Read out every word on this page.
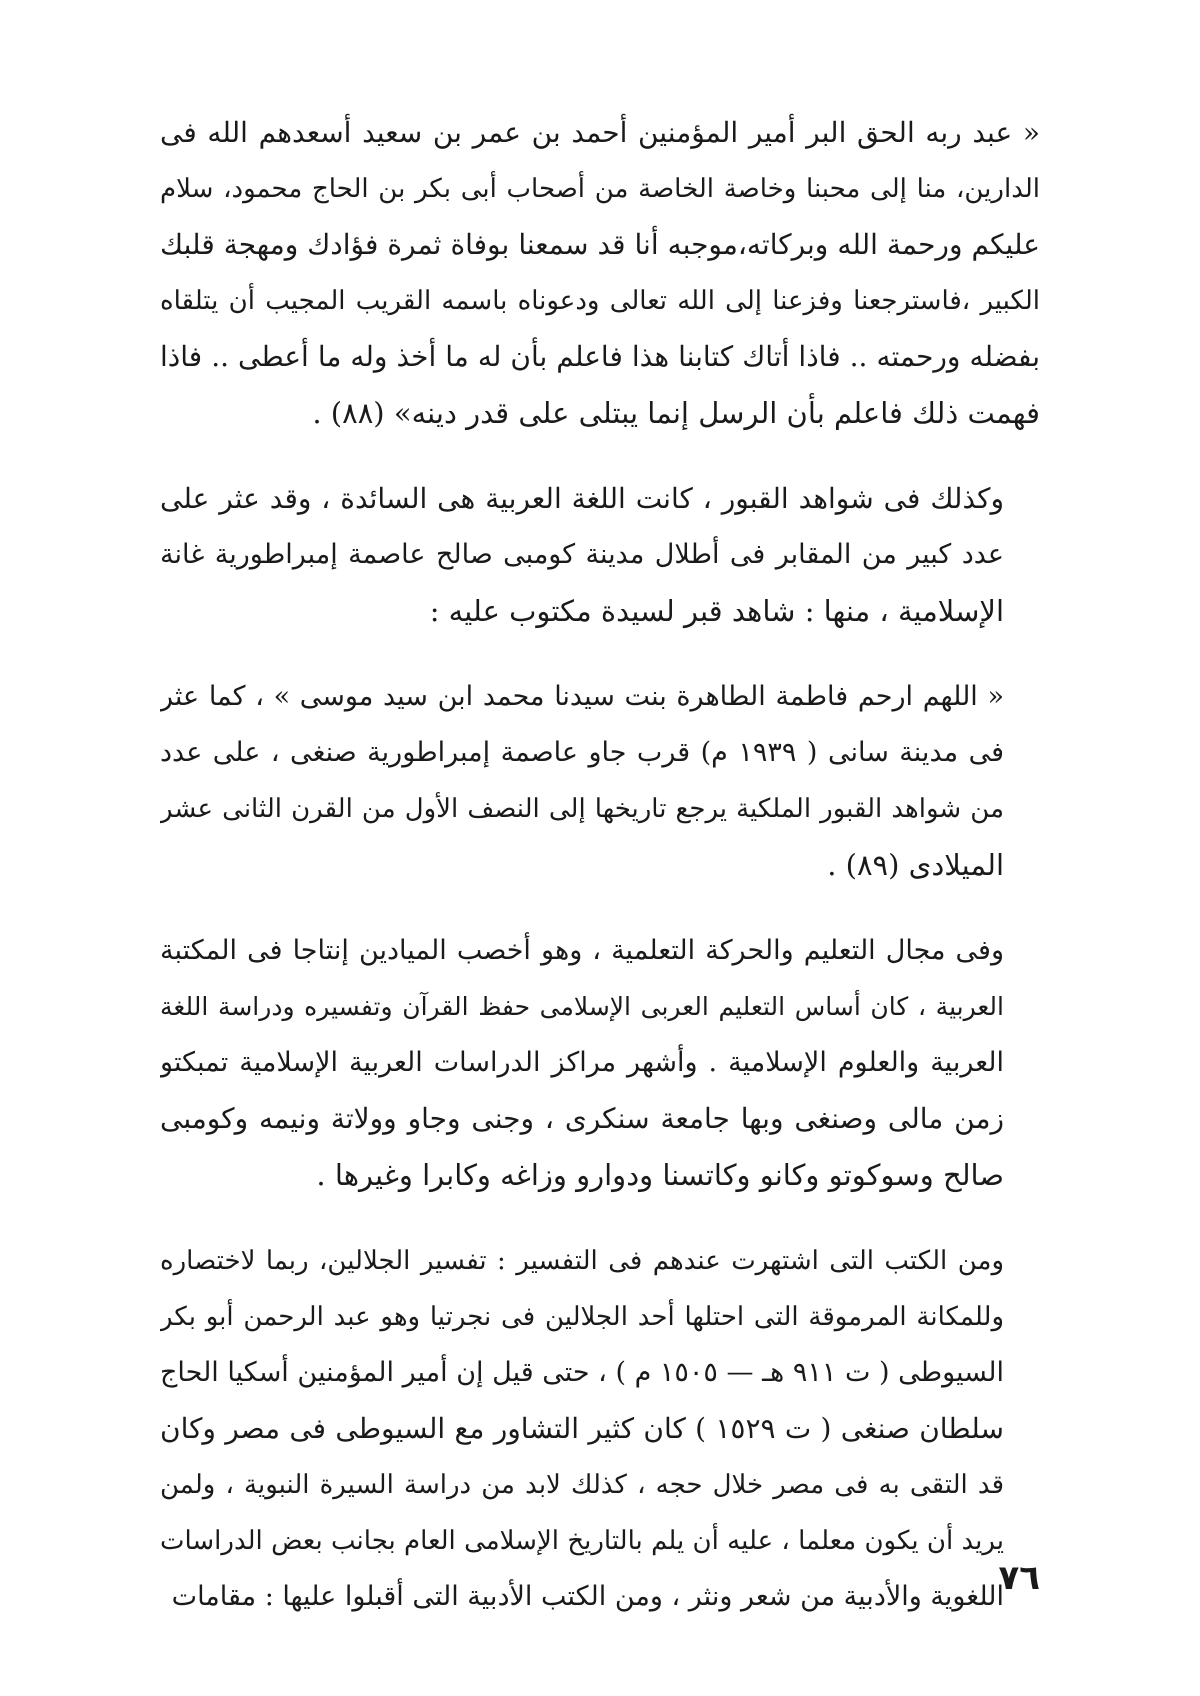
« عبد ربه الحق البر أمير المؤمنين أحمد بن عمر بن سعيد أسعدهم الله فى
الدارين، منا إلى محبنا وخاصة الخاصة من أصحاب أبى بكر بن الحاج محمود، سلام
عليكم ورحمة الله وبركاته،موجبه أنا قد سمعنا بوفاة ثمرة فؤادك ومهجة قلبك
الكبير ،فاسترجعنا وفزعنا إلى الله تعالى ودعوناه باسمه القريب المجيب أن يتلقاه
بفضله ورحمته .. فاذا أتاك كتابنا هذا فاعلم بأن له ما أخذ وله ما أعطى .. فاذا
فهمت ذلك فاعلم بأن الرسل إنما يبتلى على قدر دينه» (٨٨) .
وكذلك فى شواهد القبور ، كانت اللغة العربية هى السائدة ، وقد عثر على
عدد كبير من المقابر فى أطلال مدينة كومبى صالح عاصمة إمبراطورية غانة
الإسلامية ، منها : شاهد قبر لسيدة مكتوب عليه :
« اللهم ارحم فاطمة الطاهرة بنت سيدنا محمد ابن سيد موسى » ، كما عثر
فى مدينة سانى ( ١٩٣٩ م) قرب جاو عاصمة إمبراطورية صنغى ، على عدد
من شواهد القبور الملكية يرجع تاريخها إلى النصف الأول من القرن الثانى عشر
الميلادى (٨٩) .
وفى مجال التعليم والحركة التعلمية ، وهو أخصب الميادين إنتاجا فى المكتبة
العربية ، كان أساس التعليم العربى الإسلامى حفظ القرآن وتفسيره ودراسة اللغة
العربية والعلوم الإسلامية . وأشهر مراكز الدراسات العربية الإسلامية تمبكتو
زمن مالى وصنغى وبها جامعة سنكرى ، وجنى وجاو وولاتة ونيمه وكومبى
صالح وسوكوتو وكانو وكاتسنا ودوارو وزاغه وكابرا وغيرها .
ومن الكتب التى اشتهرت عندهم فى التفسير : تفسير الجلالين، ربما لاختصاره
وللمكانة المرموقة التى احتلها أحد الجلالين فى نجرتيا وهو عبد الرحمن أبو بكر
السيوطى ( ت ٩١١ هـ — ١٥٠٥ م ) ، حتى قيل إن أمير المؤمنين أسكيا الحاج
سلطان صنغى ( ت ١٥٢٩ ) كان كثير التشاور مع السيوطى فى مصر وكان
قد التقى به فى مصر خلال حجه ، كذلك لابد من دراسة السيرة النبوية ، ولمن
يريد أن يكون معلما ، عليه أن يلم بالتاريخ الإسلامى العام بجانب بعض الدراسات
اللغوية والأدبية من شعر ونثر ، ومن الكتب الأدبية التى أقبلوا عليها : مقامات
٧٦
